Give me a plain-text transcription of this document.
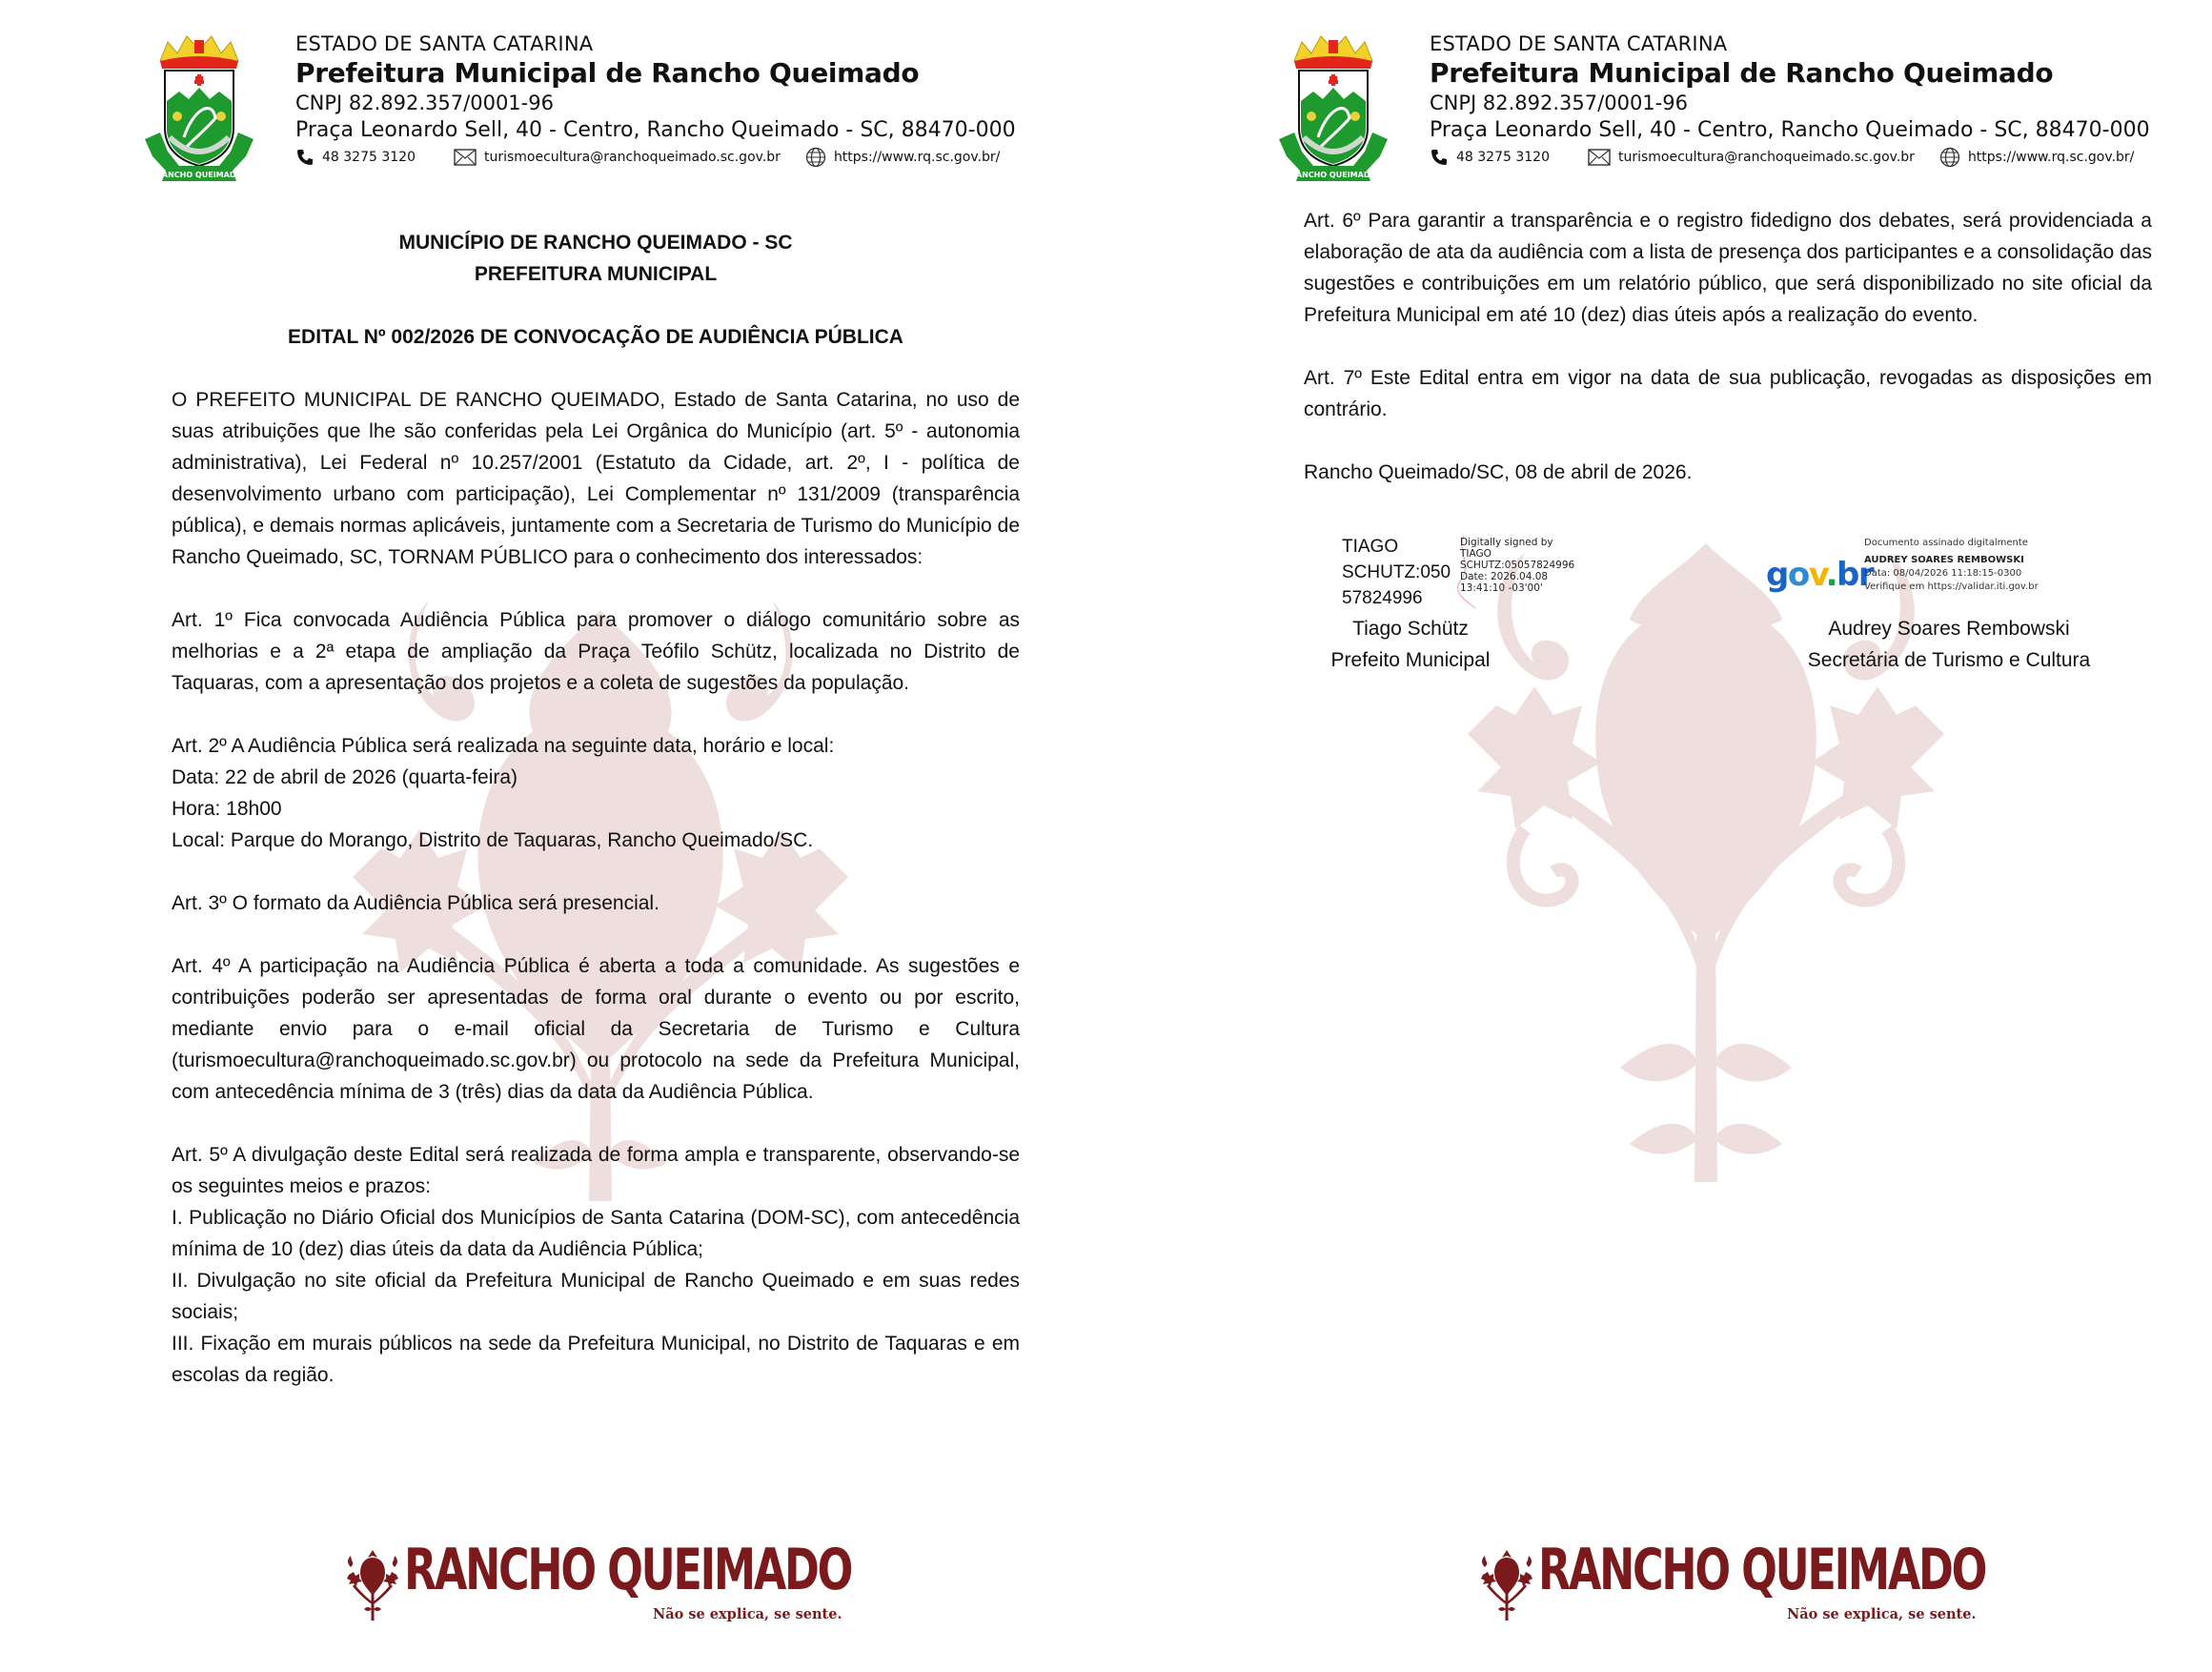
RANCHO QUEIMADO
ESTADO DE SANTA CATARINA
Prefeitura Municipal de Rancho Queimado
CNPJ 82.892.357/0001-96
Praça Leonardo Sell, 40 - Centro, Rancho Queimado - SC, 88470-000
48 3275 3120	turismoecultura@ranchoqueimado.sc.gov.br	https://www.rq.sc.gov.br/

MUNICÍPIO DE RANCHO QUEIMADO - SC

PREFEITURA MUNICIPAL

EDITAL Nº 002/2026 DE CONVOCAÇÃO DE AUDIÊNCIA PÚBLICA

O PREFEITO MUNICIPAL DE RANCHO QUEIMADO, Estado de Santa Catarina, no uso de suas atribuições que lhe são conferidas pela Lei Orgânica do Município (art. 5º - autonomia administrativa), Lei Federal nº 10.257/2001 (Estatuto da Cidade, art. 2º, I - política de desenvolvimento urbano com participação), Lei Complementar nº 131/2009 (transparência pública), e demais normas aplicáveis, juntamente com a Secretaria de Turismo do Município de Rancho Queimado, SC, TORNAM PÚBLICO para o conhecimento dos interessados:

Art. 1º Fica convocada Audiência Pública para promover o diálogo comunitário sobre as melhorias e a 2ª etapa de ampliação da Praça Teófilo Schütz, localizada no Distrito de Taquaras, com a apresentação dos projetos e a coleta de sugestões da população.

Art. 2º A Audiência Pública será realizada na seguinte data, horário e local:

Data: 22 de abril de 2026 (quarta-feira)

Hora: 18h00

Local: Parque do Morango, Distrito de Taquaras, Rancho Queimado/SC.

Art. 3º O formato da Audiência Pública será presencial.

Art. 4º A participação na Audiência Pública é aberta a toda a comunidade. As sugestões e contribuições poderão ser apresentadas de forma oral durante o evento ou por escrito, mediante envio para o e-mail oficial da Secretaria de Turismo e Cultura (turismoecultura@ranchoqueimado.sc.gov.br) ou protocolo na sede da Prefeitura Municipal, com antecedência mínima de 3 (três) dias da data da Audiência Pública.

Art. 5º A divulgação deste Edital será realizada de forma ampla e transparente, observando-se os seguintes meios e prazos:

I. Publicação no Diário Oficial dos Municípios de Santa Catarina (DOM-SC), com antecedência mínima de 10 (dez) dias úteis da data da Audiência Pública;

II. Divulgação no site oficial da Prefeitura Municipal de Rancho Queimado e em suas redes sociais;

III. Fixação em murais públicos na sede da Prefeitura Municipal, no Distrito de Taquaras e em escolas da região.

RANCHO QUEIMADO
Não se explica, se sente.
RANCHO QUEIMADO
ESTADO DE SANTA CATARINA
Prefeitura Municipal de Rancho Queimado
CNPJ 82.892.357/0001-96
Praça Leonardo Sell, 40 - Centro, Rancho Queimado - SC, 88470-000
48 3275 3120	turismoecultura@ranchoqueimado.sc.gov.br	https://www.rq.sc.gov.br/

Art. 6º Para garantir a transparência e o registro fidedigno dos debates, será providenciada a elaboração de ata da audiência com a lista de presença dos participantes e a consolidação das sugestões e contribuições em um relatório público, que será disponibilizado no site oficial da Prefeitura Municipal em até 10 (dez) dias úteis após a realização do evento.

Art. 7º Este Edital entra em vigor na data de sua publicação, revogadas as disposições em contrário.

Rancho Queimado/SC, 08 de abril de 2026.

TIAGO
SCHUTZ:050
57824996
Digitally signed by
TIAGO
SCHUTZ:05057824996
Date: 2026.04.08
13:41:10 -03'00'	gov.br
Documento assinado digitalmente
AUDREY SOARES REMBOWSKI
Data: 08/04/2026 11:18:15-0300
Verifique em https://validar.iti.gov.br
Tiago Schütz
Prefeito Municipal
Audrey Soares Rembowski
Secretária de Turismo e Cultura
RANCHO QUEIMADO
Não se explica, se sente.
